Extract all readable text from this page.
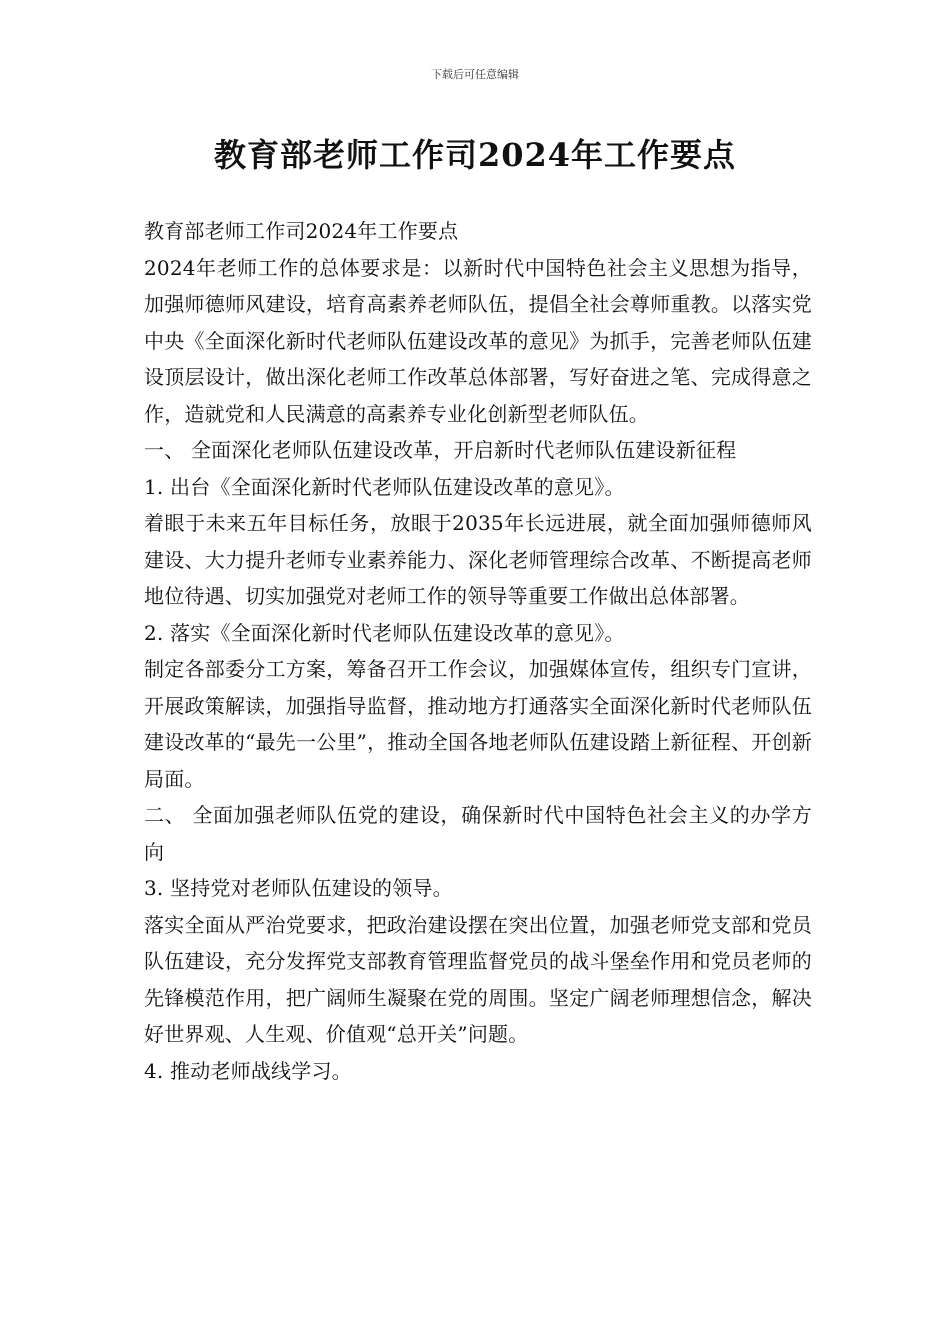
下载后可任意编辑
教育部老师工作司2024年工作要点

教育部老师工作司2024年工作要点

2024年老师工作的总体要求是：以新时代中国特色社会主义思想为指导，加强师德师风建设，培育高素养老师队伍，提倡全社会尊师重教。以落实党中央《全面深化新时代老师队伍建设改革的意见》为抓手，完善老师队伍建设顶层设计，做出深化老师工作改革总体部署，写好奋进之笔、完成得意之作，造就党和人民满意的高素养专业化创新型老师队伍。

一、 全面深化老师队伍建设改革，开启新时代老师队伍建设新征程

1. 出台《全面深化新时代老师队伍建设改革的意见》。

着眼于未来五年目标任务，放眼于2035年长远进展，就全面加强师德师风建设、大力提升老师专业素养能力、深化老师管理综合改革、不断提高老师地位待遇、切实加强党对老师工作的领导等重要工作做出总体部署。

2. 落实《全面深化新时代老师队伍建设改革的意见》。

制定各部委分工方案，筹备召开工作会议，加强媒体宣传，组织专门宣讲，开展政策解读，加强指导监督，推动地方打通落实全面深化新时代老师队伍建设改革的“最先一公里”，推动全国各地老师队伍建设踏上新征程、开创新局面。

二、 全面加强老师队伍党的建设，确保新时代中国特色社会主义的办学方向

3. 坚持党对老师队伍建设的领导。

落实全面从严治党要求，把政治建设摆在突出位置，加强老师党支部和党员队伍建设，充分发挥党支部教育管理监督党员的战斗堡垒作用和党员老师的先锋模范作用，把广阔师生凝聚在党的周围。坚定广阔老师理想信念，解决好世界观、人生观、价值观“总开关”问题。

4. 推动老师战线学习。
